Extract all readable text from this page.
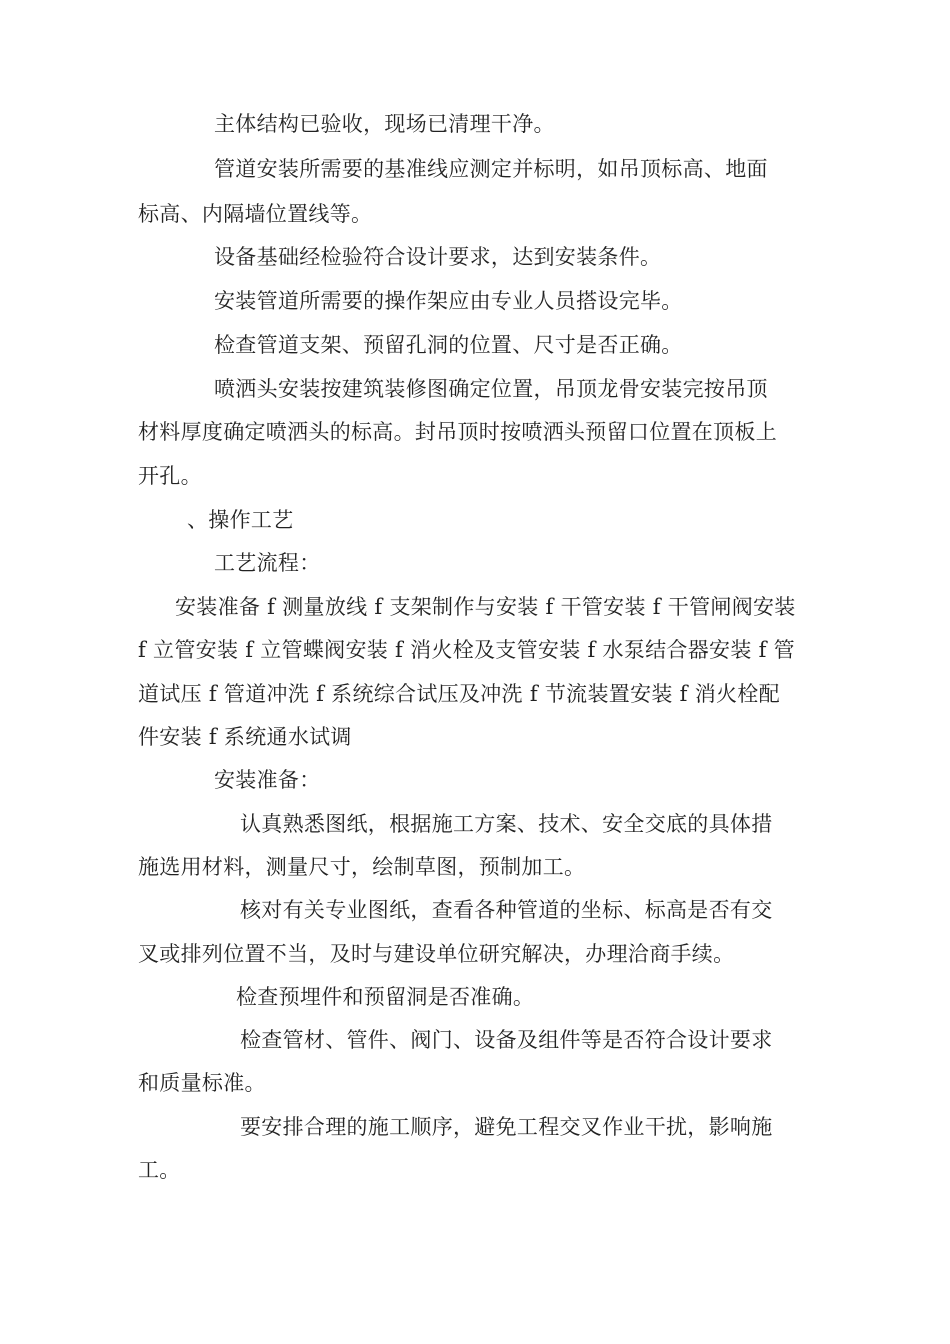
主体结构已验收，现场已清理干净。
管道安装所需要的基准线应测定并标明，如吊顶标高、地面
标高、内隔墙位置线等。
设备基础经检验符合设计要求，达到安装条件。
安装管道所需要的操作架应由专业人员搭设完毕。
检查管道支架、预留孔洞的位置、尺寸是否正确。
喷洒头安装按建筑装修图确定位置，吊顶龙骨安装完按吊顶
材料厚度确定喷洒头的标高。封吊顶时按喷洒头预留口位置在顶板上
开孔。
、操作工艺
工艺流程：
安装准备 f 测量放线 f 支架制作与安装 f 干管安装 f 干管闸阀安装
f 立管安装 f 立管蝶阀安装 f 消火栓及支管安装 f 水泵结合器安装 f 管
道试压 f 管道冲洗 f 系统综合试压及冲洗 f 节流装置安装 f 消火栓配
件安装 f 系统通水试调
安装准备：
认真熟悉图纸，根据施工方案、技术、安全交底的具体措
施选用材料，测量尺寸，绘制草图，预制加工。
核对有关专业图纸，查看各种管道的坐标、标高是否有交
叉或排列位置不当，及时与建设单位研究解决，办理洽商手续。
检查预埋件和预留洞是否准确。
检查管材、管件、阀门、设备及组件等是否符合设计要求
和质量标准。
要安排合理的施工顺序，避免工程交叉作业干扰，影响施
工。
